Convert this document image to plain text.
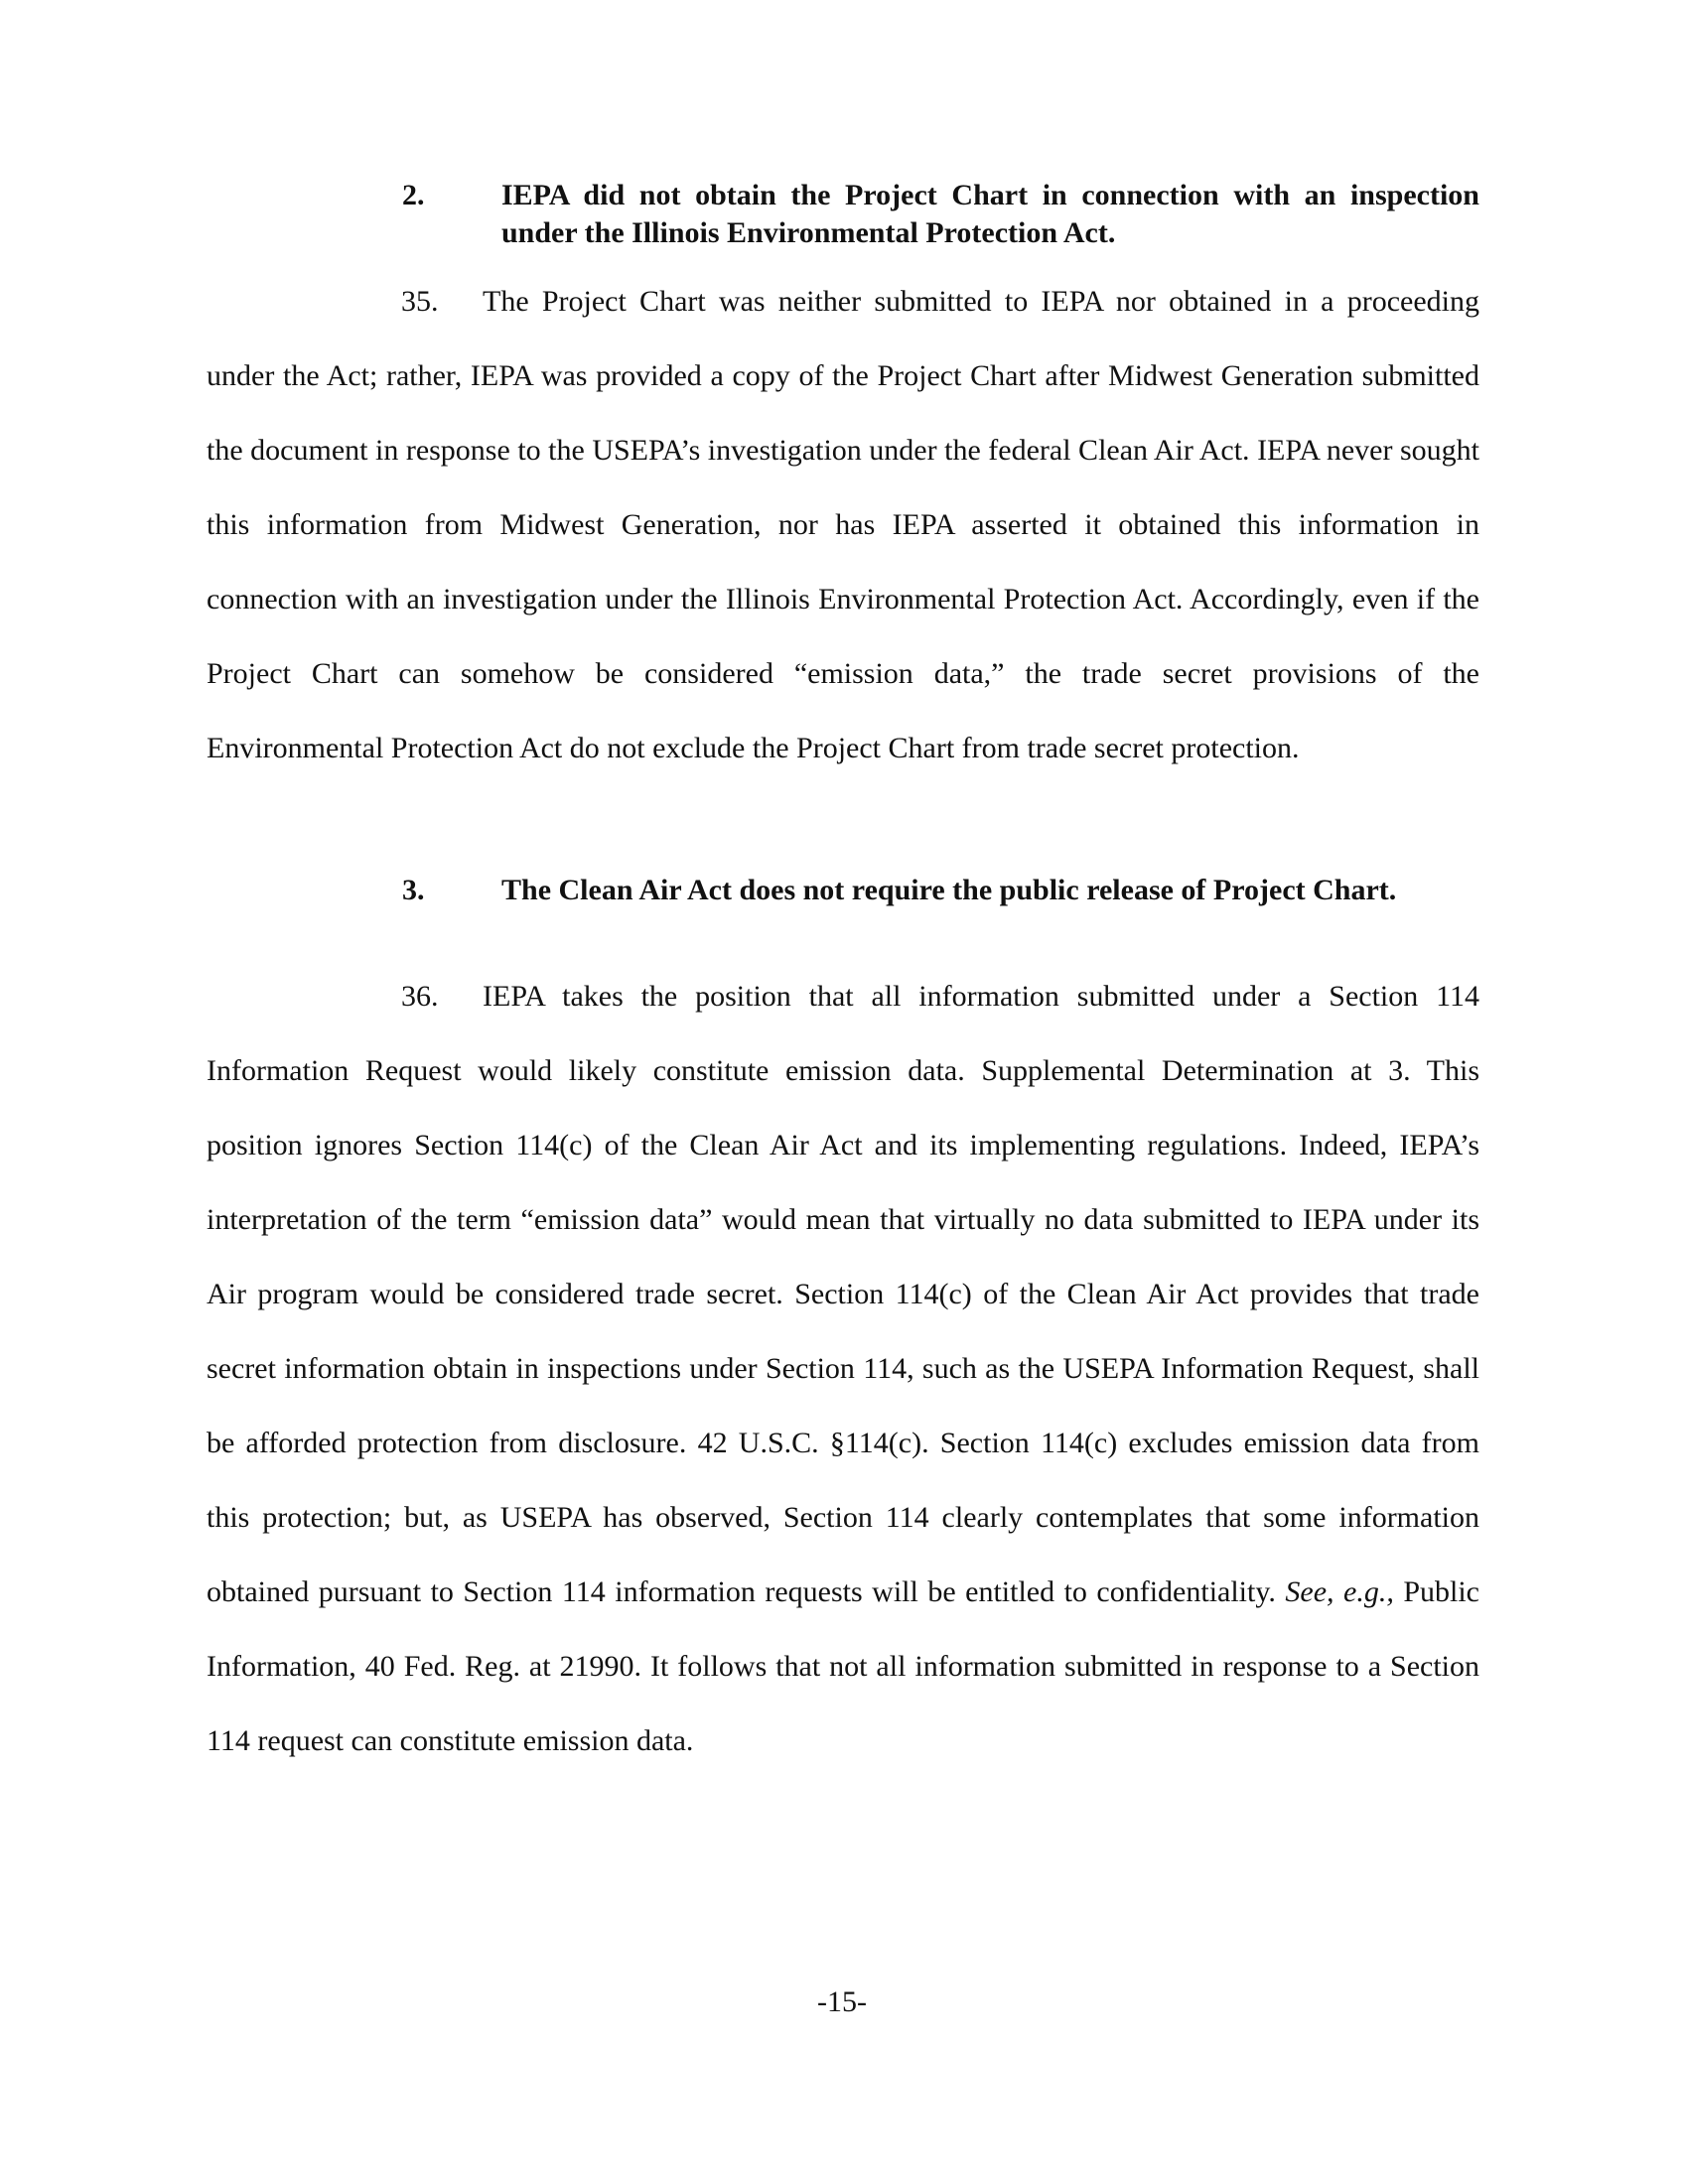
2.	IEPA did not obtain the Project Chart in connection with an inspection under the Illinois Environmental Protection Act.

35. The Project Chart was neither submitted to IEPA nor obtained in a proceeding under the Act; rather, IEPA was provided a copy of the Project Chart after Midwest Generation submitted the document in response to the USEPA’s investigation under the federal Clean Air Act. IEPA never sought this information from Midwest Generation, nor has IEPA asserted it obtained this information in connection with an investigation under the Illinois Environmental Protection Act. Accordingly, even if the Project Chart can somehow be considered “emission data,” the trade secret provisions of the Environmental Protection Act do not exclude the Project Chart from trade secret protection.

3.	The Clean Air Act does not require the public release of Project Chart.

36. IEPA takes the position that all information submitted under a Section 114 Information Request would likely constitute emission data. Supplemental Determination at 3. This position ignores Section 114(c) of the Clean Air Act and its implementing regulations. Indeed, IEPA’s interpretation of the term “emission data” would mean that virtually no data submitted to IEPA under its Air program would be considered trade secret. Section 114(c) of the Clean Air Act provides that trade secret information obtain in inspections under Section 114, such as the USEPA Information Request, shall be afforded protection from disclosure. 42 U.S.C. §114(c). Section 114(c) excludes emission data from this protection; but, as USEPA has observed, Section 114 clearly contemplates that some information obtained pursuant to Section 114 information requests will be entitled to confidentiality. See, e.g., Public Information, 40 Fed. Reg. at 21990. It follows that not all information submitted in response to a Section 114 request can constitute emission data.

-15-
